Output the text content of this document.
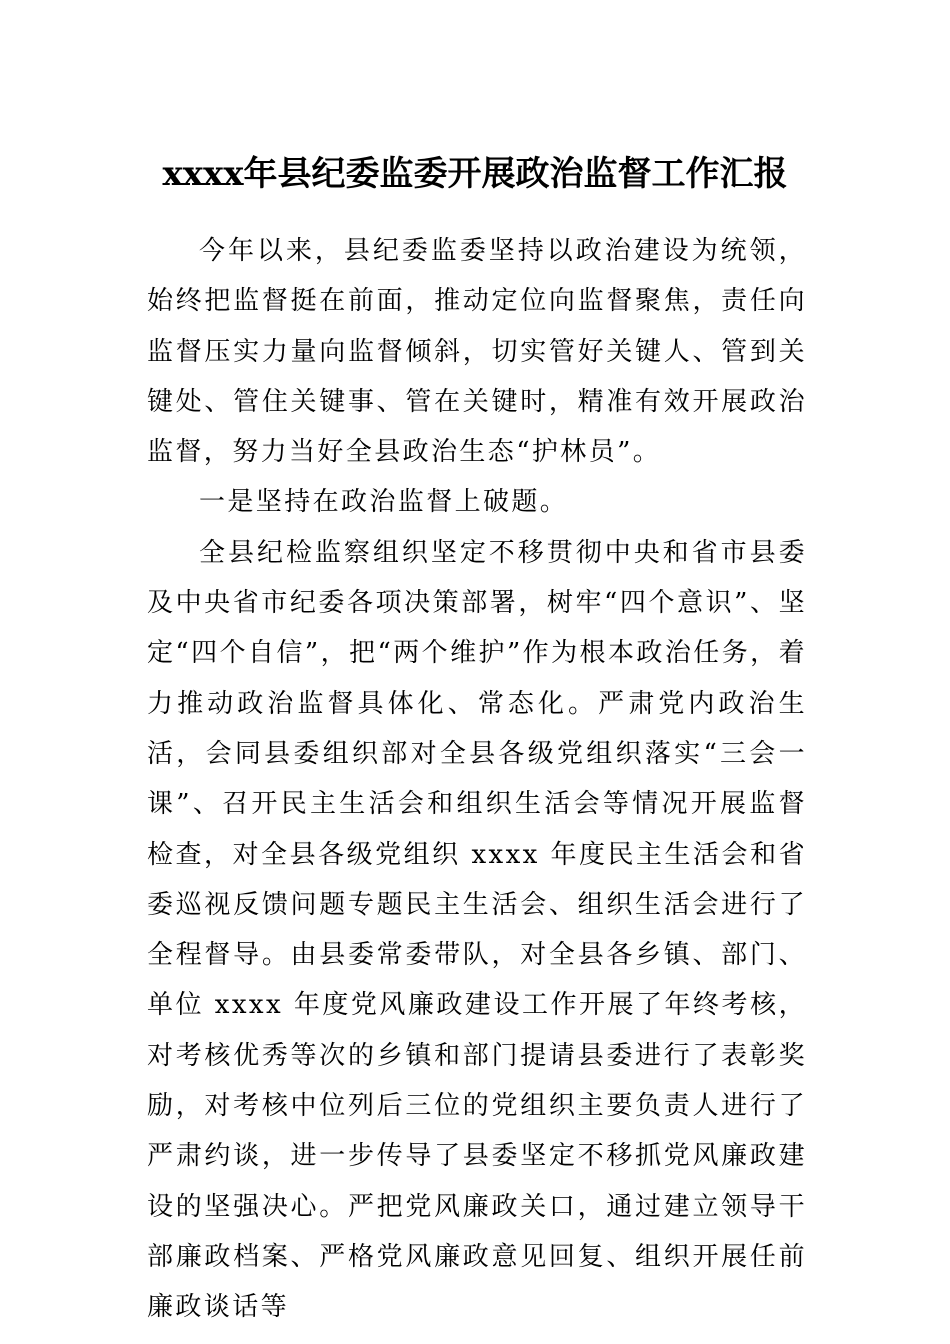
xxxx年县纪委监委开展政治监督工作汇报

今年以来，县纪委监委坚持以政治建设为统领，始终把监督挺在前面，推动定位向监督聚焦，责任向监督压实力量向监督倾斜，切实管好关键人、管到关键处、管住关键事、管在关键时，精准有效开展政治监督，努力当好全县政治生态“护林员”。

一是坚持在政治监督上破题。

全县纪检监察组织坚定不移贯彻中央和省市县委及中央省市纪委各项决策部署，树牢“四个意识”、坚定“四个自信”，把“两个维护”作为根本政治任务，着力推动政治监督具体化、常态化。严肃党内政治生活，会同县委组织部对全县各级党组织落实“三会一课”、召开民主生活会和组织生活会等情况开展监督检查，对全县各级党组织 xxxx 年度民主生活会和省委巡视反馈问题专题民主生活会、组织生活会进行了全程督导。由县委常委带队，对全县各乡镇、部门、单位 xxxx 年度党风廉政建设工作开展了年终考核，对考核优秀等次的乡镇和部门提请县委进行了表彰奖励，对考核中位列后三位的党组织主要负责人进行了严肃约谈，进一步传导了县委坚定不移抓党风廉政建设的坚强决心。严把党风廉政关口，通过建立领导干部廉政档案、严格党风廉政意见回复、组织开展任前廉政谈话等
